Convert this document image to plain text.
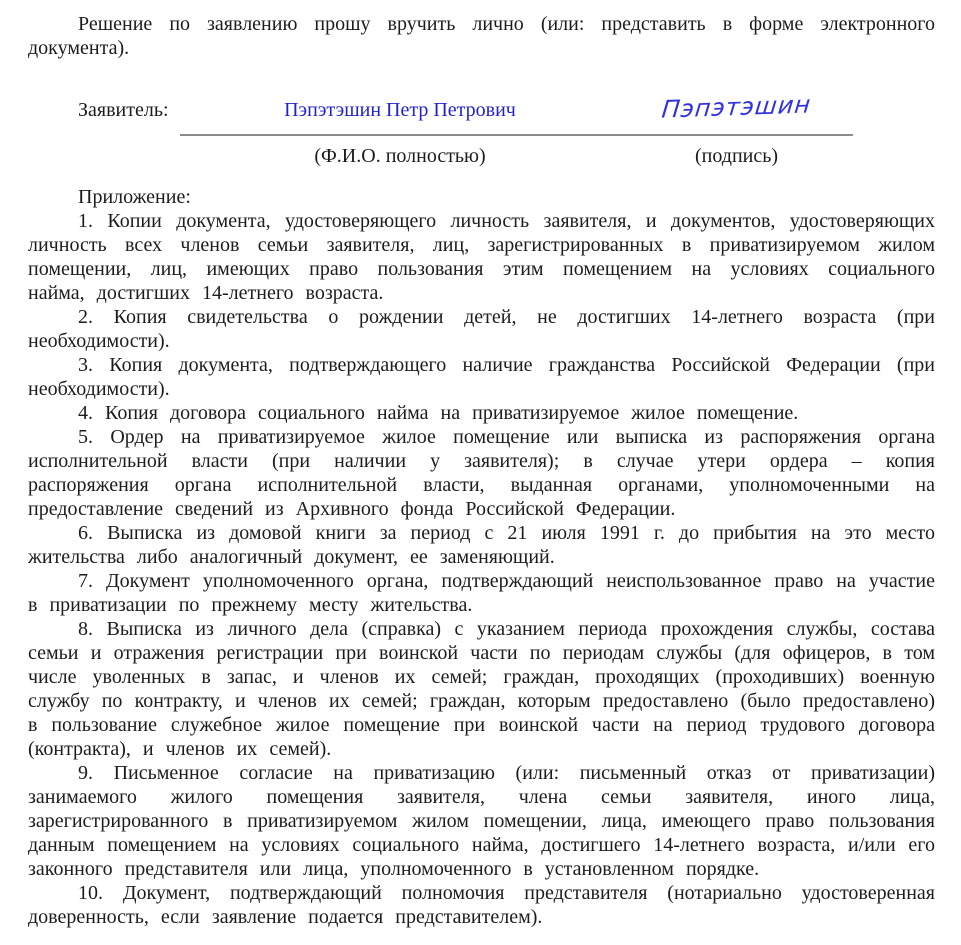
Решение по заявлению прошу вручить лично (или: представить в форме электронного документа).

Заявитель:	Пэпэтэшин Петр Петрович	Пэпэтэшин
(Ф.И.О. полностью)	(подпись)

Приложение:

1. Копии документа, удостоверяющего личность заявителя, и документов, удостоверяющих личность всех членов семьи заявителя, лиц, зарегистрированных в приватизируемом жилом помещении, лиц, имеющих право пользования этим помещением на условиях социального найма, достигших 14-летнего возраста.

2. Копия свидетельства о рождении детей, не достигших 14-летнего возраста (при необходимости).

3. Копия документа, подтверждающего наличие гражданства Российской Федерации (при необходимости).

4. Копия договора социального найма на приватизируемое жилое помещение.

5. Ордер на приватизируемое жилое помещение или выписка из распоряжения органа исполнительной власти (при наличии у заявителя); в случае утери ордера – копия распоряжения органа исполнительной власти, выданная органами, уполномоченными на предоставление сведений из Архивного фонда Российской Федерации.

6. Выписка из домовой книги за период с 21 июля 1991 г. до прибытия на это место жительства либо аналогичный документ, ее заменяющий.

7. Документ уполномоченного органа, подтверждающий неиспользованное право на участие в приватизации по прежнему месту жительства.

8. Выписка из личного дела (справка) с указанием периода прохождения службы, состава семьи и отражения регистрации при воинской части по периодам службы (для офицеров, в том числе уволенных в запас, и членов их семей; граждан, проходящих (проходивших) военную службу по контракту, и членов их семей; граждан, которым предоставлено (было предоставлено) в пользование служебное жилое помещение при воинской части на период трудового договора (контракта), и членов их семей).

9. Письменное согласие на приватизацию (или: письменный отказ от приватизации) занимаемого жилого помещения заявителя, члена семьи заявителя, иного лица, зарегистрированного в приватизируемом жилом помещении, лица, имеющего право пользования данным помещением на условиях социального найма, достигшего 14-летнего возраста, и/или его законного представителя или лица, уполномоченного в установленном порядке.

10. Документ, подтверждающий полномочия представителя (нотариально удостоверенная доверенность, если заявление подается представителем).
